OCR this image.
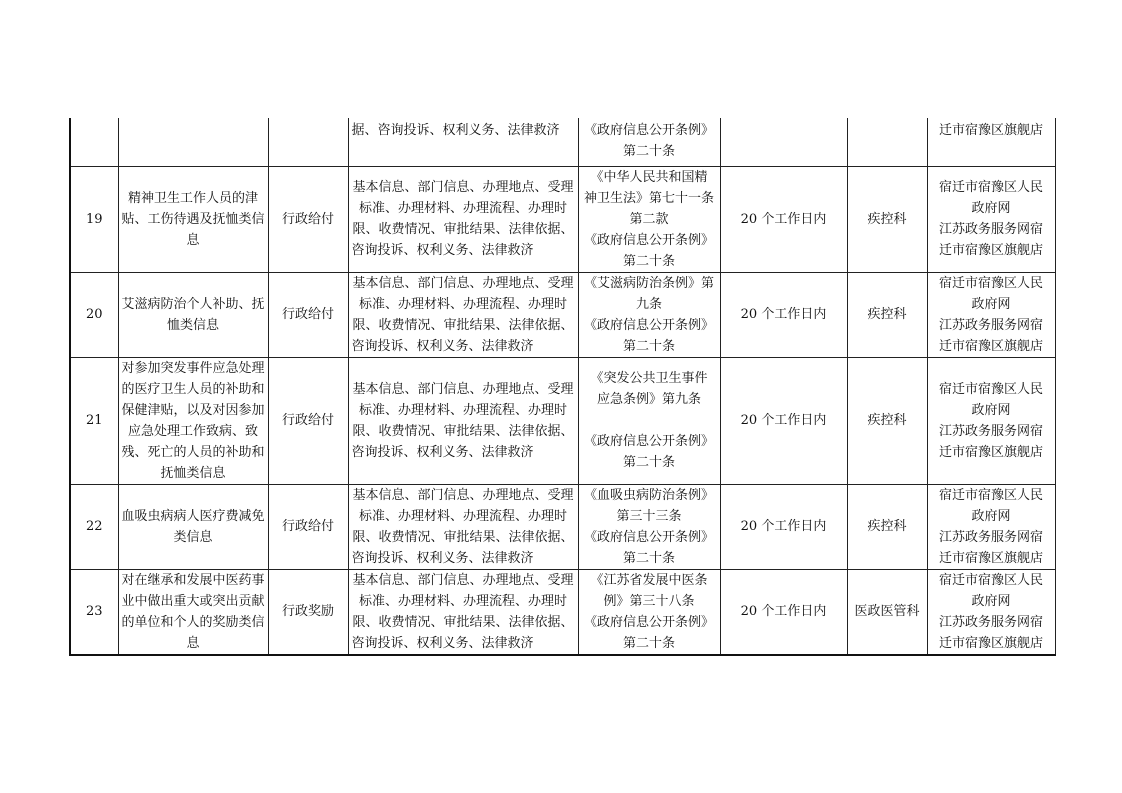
			据、咨询投诉、权利义务、法律救济	《政府信息公开条例》
第二十条			迁市宿豫区旗舰店

19	精神卫生工作人员的津贴、工伤待遇及抚恤类信息	行政给付	基本信息、部门信息、办理地点、受理标准、办理材料、办理流程、办理时限、收费情况、审批结果、法律依据、咨询投诉、权利义务、法律救济	《中华人民共和国精
神卫生法》第七十一条
第二款
《政府信息公开条例》
第二十条	20 个工作日内	疾控科	宿迁市宿豫区人民
政府网
江苏政务服务网宿
迁市宿豫区旗舰店

20	艾滋病防治个人补助、抚恤类信息	行政给付	基本信息、部门信息、办理地点、受理标准、办理材料、办理流程、办理时限、收费情况、审批结果、法律依据、咨询投诉、权利义务、法律救济	《艾滋病防治条例》第
九条
《政府信息公开条例》
第二十条	20 个工作日内	疾控科	宿迁市宿豫区人民
政府网
江苏政务服务网宿
迁市宿豫区旗舰店

21	对参加突发事件应急处理的医疗卫生人员的补助和保健津贴，以及对因参加应急处理工作致病、致残、死亡的人员的补助和抚恤类信息	行政给付	基本信息、部门信息、办理地点、受理标准、办理材料、办理流程、办理时限、收费情况、审批结果、法律依据、咨询投诉、权利义务、法律救济	《突发公共卫生事件
应急条例》第九条
《政府信息公开条例》
第二十条	20 个工作日内	疾控科	宿迁市宿豫区人民
政府网
江苏政务服务网宿
迁市宿豫区旗舰店

22	血吸虫病病人医疗费减免类信息	行政给付	基本信息、部门信息、办理地点、受理标准、办理材料、办理流程、办理时限、收费情况、审批结果、法律依据、咨询投诉、权利义务、法律救济	《血吸虫病防治条例》
第三十三条
《政府信息公开条例》
第二十条	20 个工作日内	疾控科	宿迁市宿豫区人民
政府网
江苏政务服务网宿
迁市宿豫区旗舰店

23	对在继承和发展中医药事业中做出重大或突出贡献的单位和个人的奖励类信息	行政奖励	基本信息、部门信息、办理地点、受理标准、办理材料、办理流程、办理时限、收费情况、审批结果、法律依据、咨询投诉、权利义务、法律救济	《江苏省发展中医条
例》第三十八条
《政府信息公开条例》
第二十条	20 个工作日内	医政医管科	宿迁市宿豫区人民
政府网
江苏政务服务网宿
迁市宿豫区旗舰店
